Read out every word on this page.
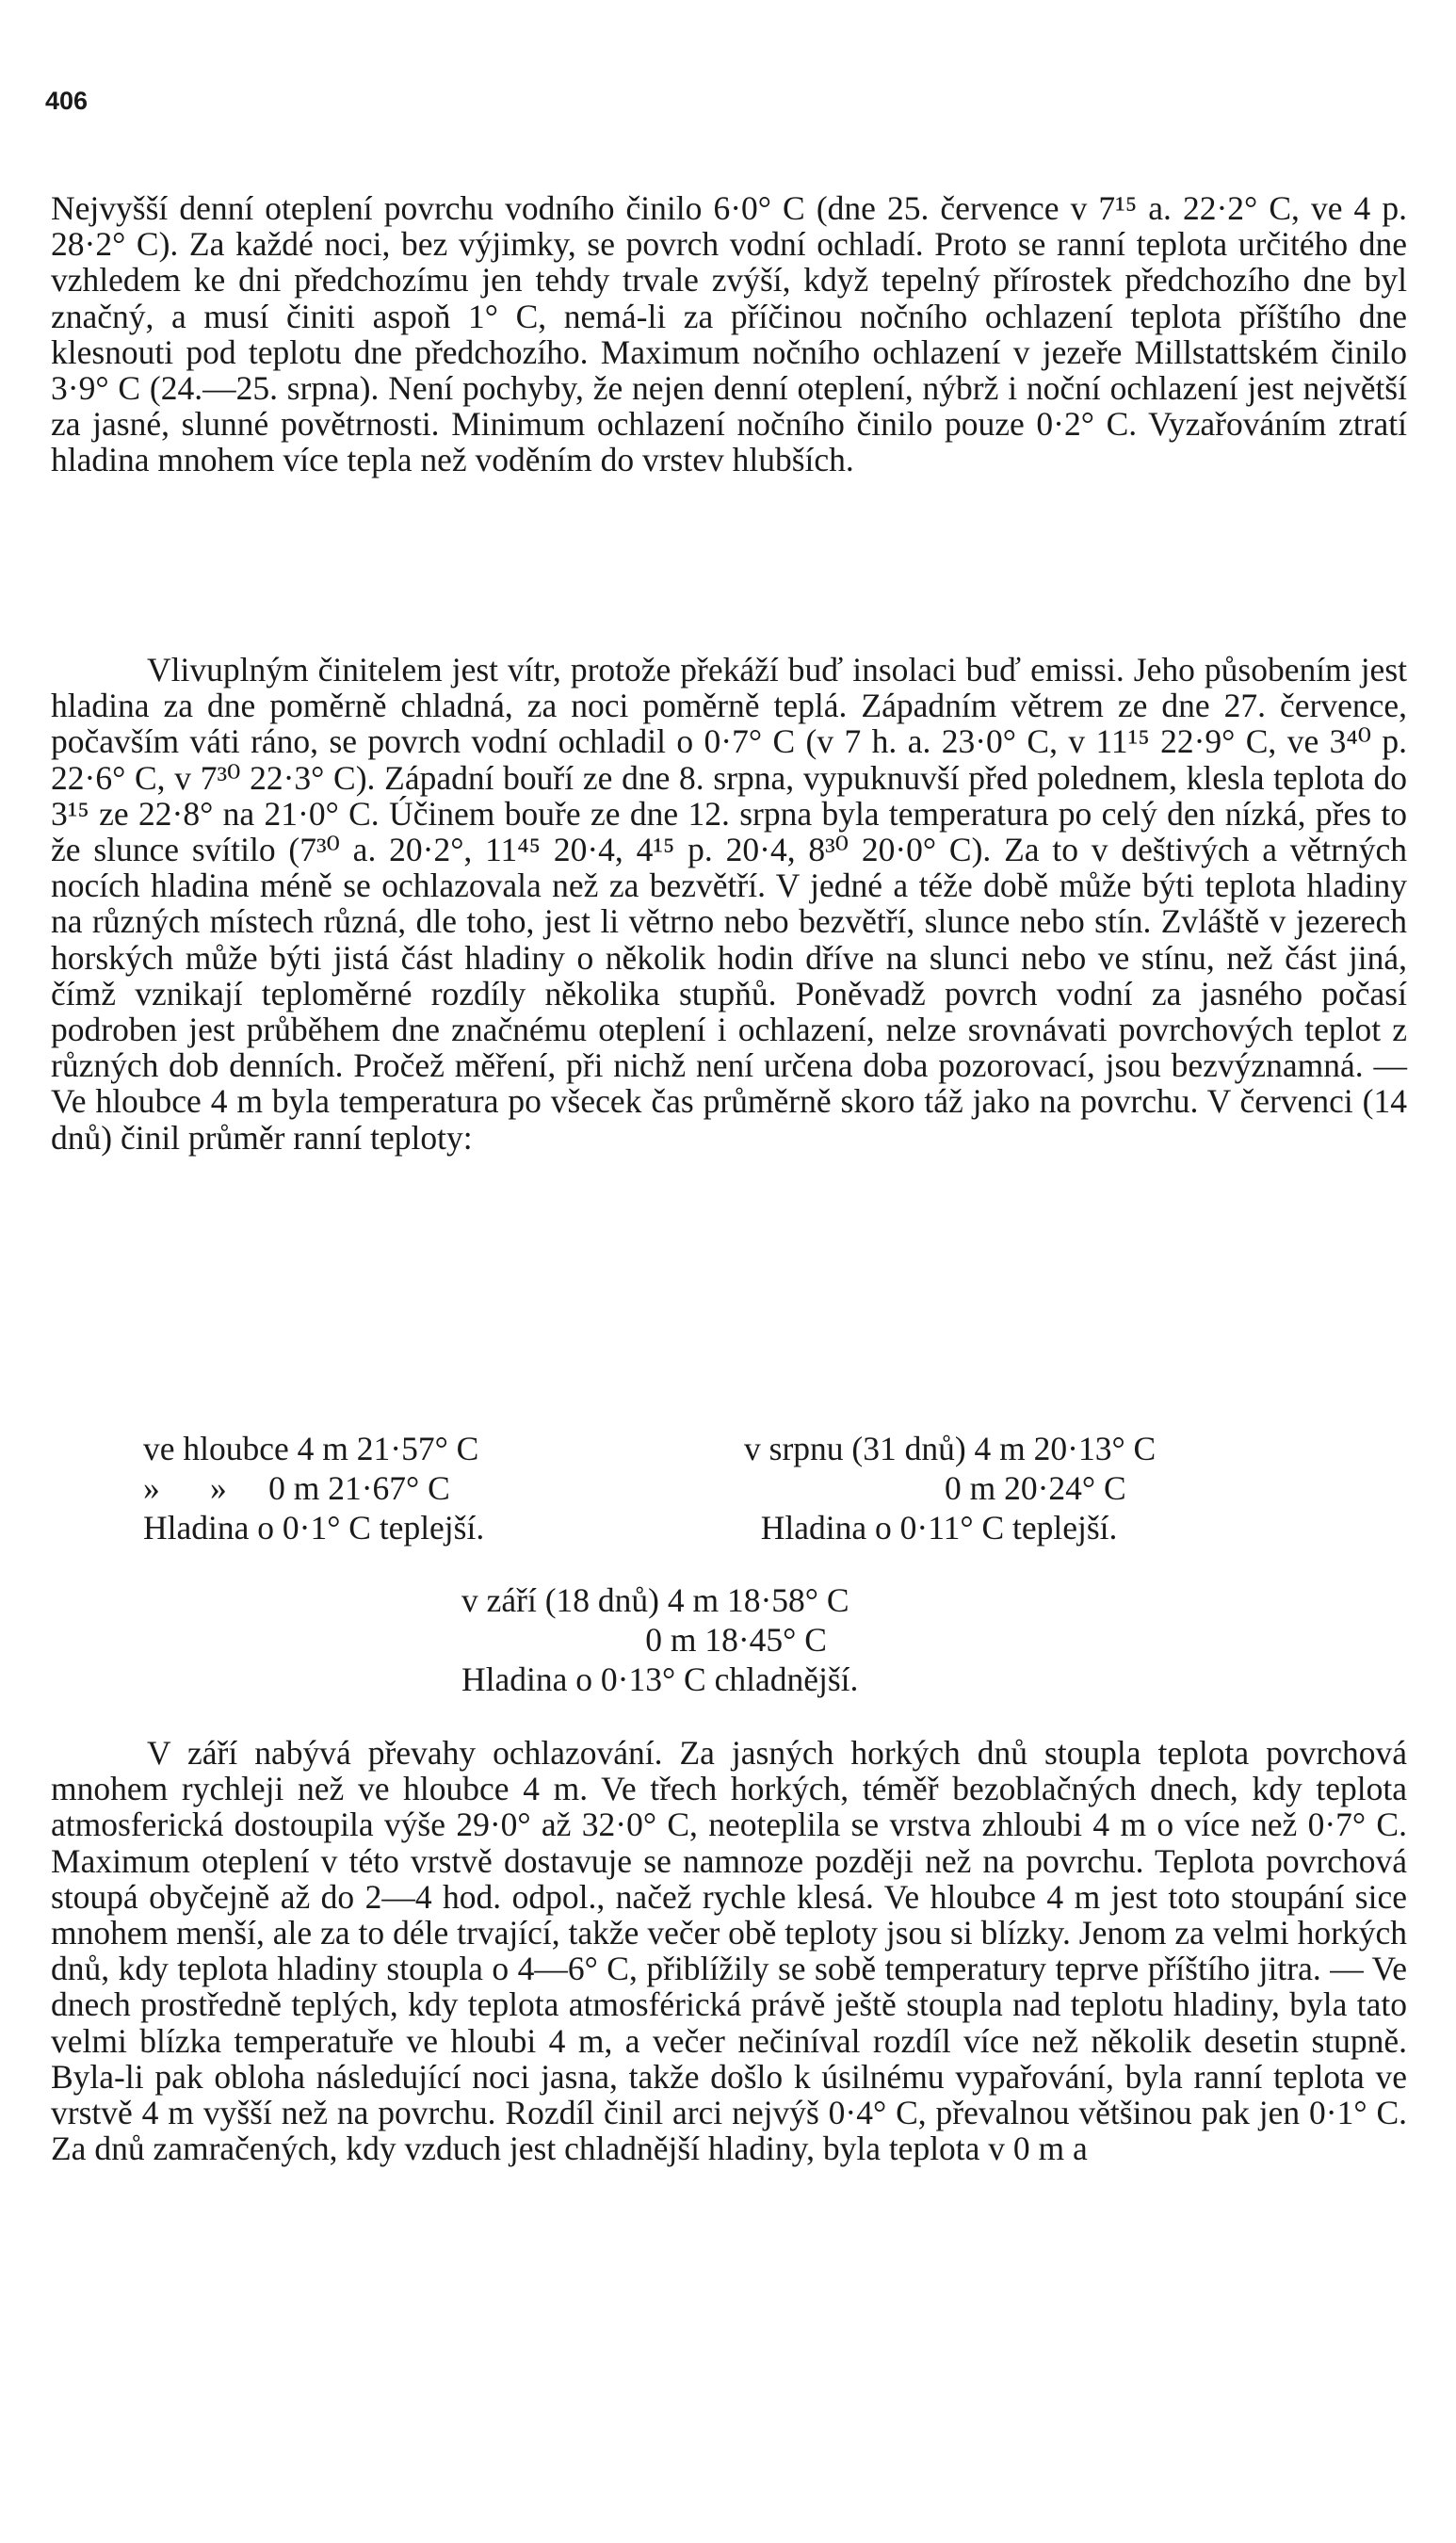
406
Nejvyšší denní oteplení povrchu vodního činilo 6·0° C (dne 25. července v 7¹⁵ a. 22·2° C, ve 4 p. 28·2° C). Za každé noci, bez výjimky, se povrch vodní ochladí. Proto se ranní teplota určitého dne vzhledem ke dni předchozímu jen tehdy trvale zvýší, když tepelný přírostek předchozího dne byl značný, a musí činiti aspoň 1° C, nemá-li za příčinou nočního ochlazení teplota příštího dne klesnouti pod teplotu dne předchozího. Maximum nočního ochlazení v jezeře Millstattském činilo 3·9° C (24.—25. srpna). Není pochyby, že nejen denní oteplení, nýbrž i noční ochlazení jest největší za jasné, slunné povětrnosti. Minimum ochlazení nočního činilo pouze 0·2° C. Vyzařováním ztratí hladina mnohem více tepla než voděním do vrstev hlubších.
Vlivuplným činitelem jest vítr, protože překáží buď insolaci buď emissi. Jeho působením jest hladina za dne poměrně chladná, za noci poměrně teplá. Západním větrem ze dne 27. července, počavším váti ráno, se povrch vodní ochladil o 0·7° C (v 7 h. a. 23·0° C, v 11¹⁵ 22·9° C, ve 3⁴⁰ p. 22·6° C, v 7³⁰ 22·3° C). Západní bouří ze dne 8. srpna, vypuknuvší před polednem, klesla teplota do 3¹⁵ ze 22·8° na 21·0° C. Účinem bouře ze dne 12. srpna byla temperatura po celý den nízká, přes to že slunce svítilo (7³⁰ a. 20·2°, 11⁴⁵ 20·4, 4¹⁵ p. 20·4, 8³⁰ 20·0° C). Za to v deštivých a větrných nocích hladina méně se ochlazovala než za bezvětří. V jedné a téže době může býti teplota hladiny na různých místech různá, dle toho, jest li větrno nebo bezvětří, slunce nebo stín. Zvláště v jezerech horských může býti jistá část hladiny o několik hodin dříve na slunci nebo ve stínu, než část jiná, čímž vznikají teploměrné rozdíly několika stupňů. Poněvadž povrch vodní za jasného počasí podroben jest průběhem dne značnému oteplení i ochlazení, nelze srovnávati povrchových teplot z různých dob denních. Pročež měření, při nichž není určena doba pozorovací, jsou bezvýznamná. — Ve hloubce 4 m byla temperatura po všecek čas průměrně skoro táž jako na povrchu. V červenci (14 dnů) činil průměr ranní teploty:
ve hloubce 4 m 21·57° C
»      »     0 m 21·67° C
Hladina o 0·1° C teplejší.
v srpnu (31 dnů) 4 m 20·13° C
0 m 20·24° C
Hladina o 0·11° C teplejší.
v září (18 dnů) 4 m 18·58° C
0 m 18·45° C
Hladina o 0·13° C chladnější.
V září nabývá převahy ochlazování. Za jasných horkých dnů stoupla teplota povrchová mnohem rychleji než ve hloubce 4 m. Ve třech horkých, téměř bezoblačných dnech, kdy teplota atmosferická dostoupila výše 29·0° až 32·0° C, neoteplila se vrstva zhloubi 4 m o více než 0·7° C. Maximum oteplení v této vrstvě dostavuje se namnoze později než na povrchu. Teplota povrchová stoupá obyčejně až do 2—4 hod. odpol., načež rychle klesá. Ve hloubce 4 m jest toto stoupání sice mnohem menší, ale za to déle trvající, takže večer obě teploty jsou si blízky. Jenom za velmi horkých dnů, kdy teplota hladiny stoupla o 4—6° C, přiblížily se sobě temperatury teprve příštího jitra. — Ve dnech prostředně teplých, kdy teplota atmosférická právě ještě stoupla nad teplotu hladiny, byla tato velmi blízka temperatuře ve hloubi 4 m, a večer nečiníval rozdíl více než několik desetin stupně. Byla-li pak obloha následující noci jasna, takže došlo k úsilnému vypařování, byla ranní teplota ve vrstvě 4 m vyšší než na povrchu. Rozdíl činil arci nejvýš 0·4° C, převalnou většinou pak jen 0·1° C. Za dnů zamračených, kdy vzduch jest chladnější hladiny, byla teplota v 0 m a
